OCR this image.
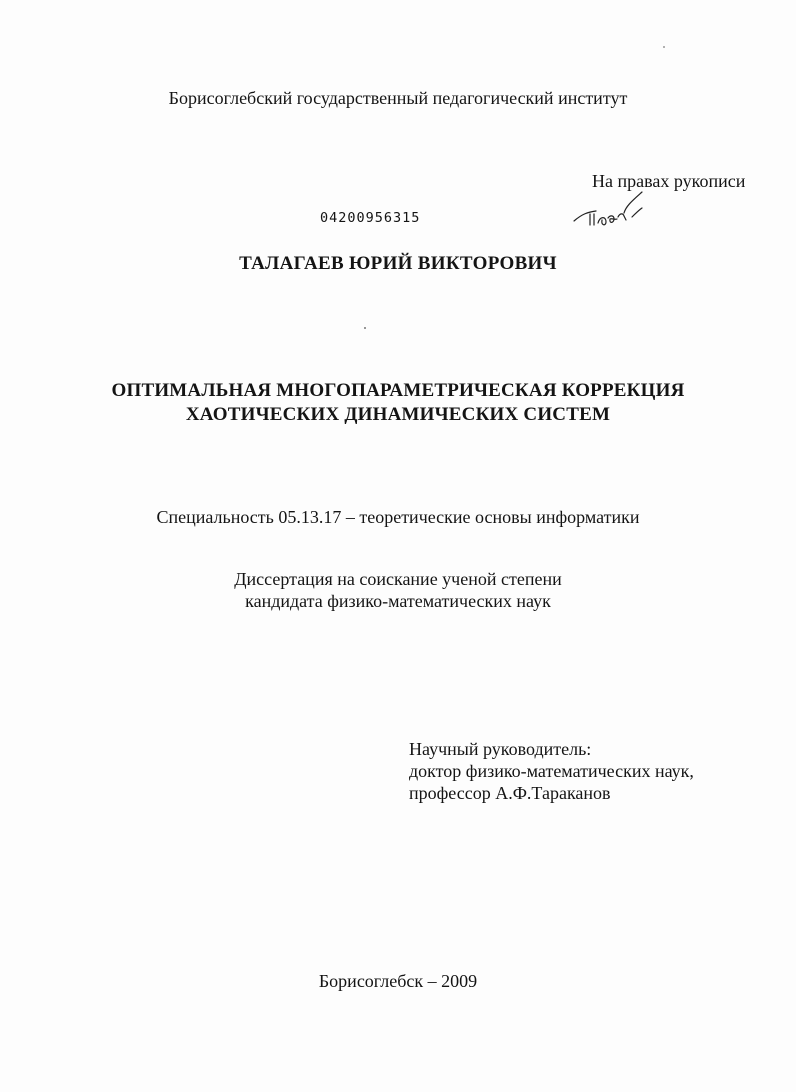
Борисоглебский государственный педагогический институт
На правах рукописи
04200956315
ТАЛАГАЕВ ЮРИЙ ВИКТОРОВИЧ
ОПТИМАЛЬНАЯ МНОГОПАРАМЕТРИЧЕСКАЯ КОРРЕКЦИЯ
ХАОТИЧЕСКИХ ДИНАМИЧЕСКИХ СИСТЕМ
Специальность 05.13.17 – теоретические основы информатики
Диссертация на соискание ученой степени
кандидата физико-математических наук
Научный руководитель:
доктор физико-математических наук,
профессор А.Ф.Тараканов
Борисоглебск – 2009
